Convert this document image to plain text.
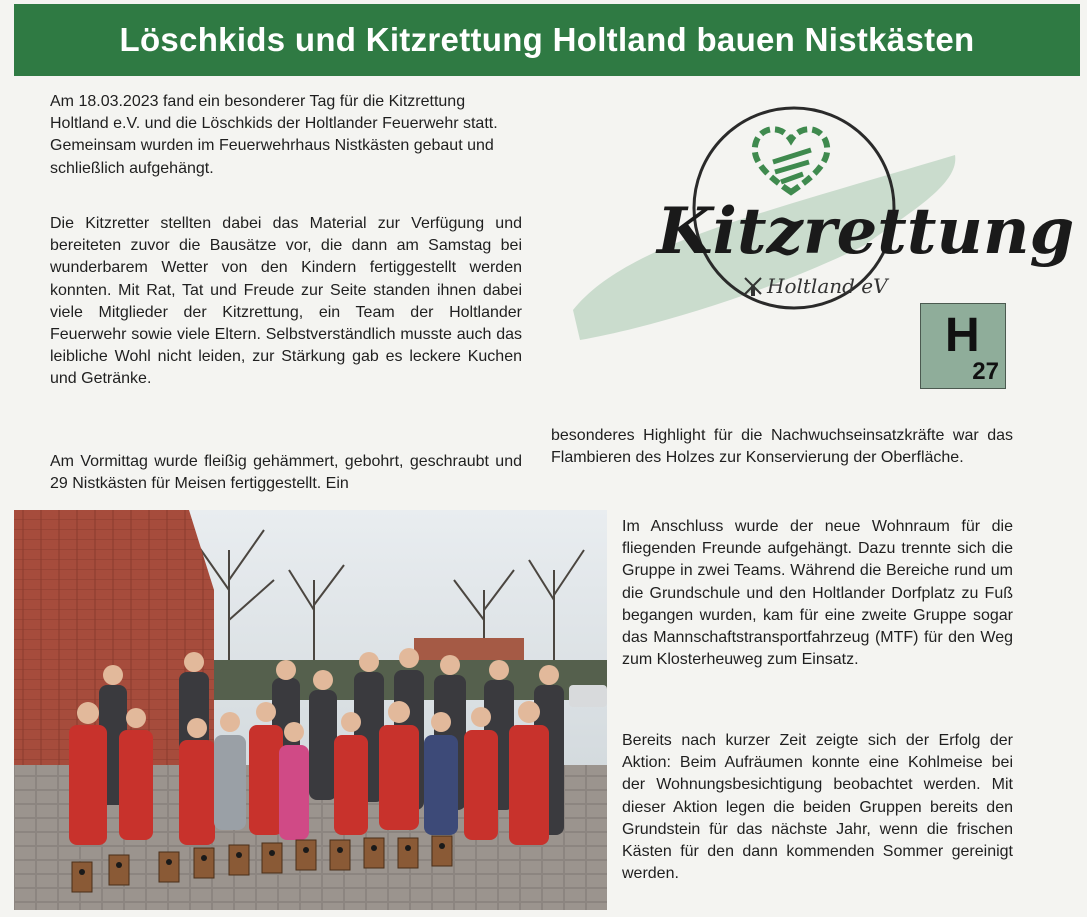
Löschkids und Kitzrettung Holtland bauen Nistkästen

Am 18.03.2023 fand ein besonderer Tag für die Kitzrettung Holtland e.V. und die Löschkids der Holtlander Feuerwehr statt. Gemeinsam wurden im Feuerwehrhaus Nistkästen gebaut und schließlich aufgehängt.

Die Kitzretter stellten dabei das Material zur Verfügung und bereiteten zuvor die Bausätze vor, die dann am Samstag bei wunderbarem Wetter von den Kindern fertiggestellt werden konnten. Mit Rat, Tat und Freude zur Seite standen ihnen dabei viele Mitglieder der Kitzrettung, ein Team der Holtlander Feuerwehr sowie viele Eltern. Selbstverständlich musste auch das leibliche Wohl nicht leiden, zur Stärkung gab es leckere Kuchen und Getränke.

Am Vormittag wurde fleißig gehämmert, gebohrt, geschraubt und 29 Nistkästen für Meisen fertiggestellt. Ein

besonderes Highlight für die Nachwuchseinsatzkräfte war das Flambieren des Holzes zur Konservierung der Oberfläche.

Im Anschluss wurde der neue Wohnraum für die fliegenden Freunde aufgehängt. Dazu trennte sich die Gruppe in zwei Teams. Während die Bereiche rund um die Grundschule und den Holtlander Dorfplatz zu Fuß begangen wurden, kam für eine zweite Gruppe sogar das Mannschaftstransportfahrzeug (MTF) für den Weg zum Klosterheuweg zum Einsatz.

Bereits nach kurzer Zeit zeigte sich der Erfolg der Aktion: Beim Aufräumen konnte eine Kohlmeise bei der Wohnungsbesichtigung beobachtet werden. Mit dieser Aktion legen die beiden Gruppen bereits den Grundstein für das nächste Jahr, wenn die frischen Kästen für den dann kommenden Sommer gereinigt werden.

Kitzrettung
Holtland eV
H
27
